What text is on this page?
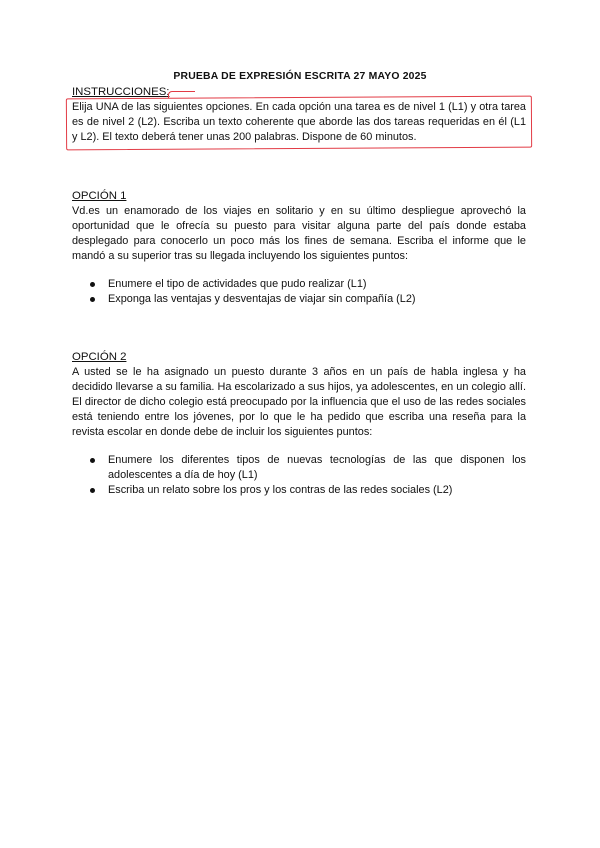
PRUEBA DE EXPRESIÓN ESCRITA 27 MAYO 2025
INSTRUCCIONES:

Elija UNA de las siguientes opciones. En cada opción una tarea es de nivel 1 (L1) y otra tarea es de nivel 2 (L2). Escriba un texto coherente que aborde las dos tareas requeridas en él (L1 y L2). El texto deberá tener unas 200 palabras. Dispone de 60 minutos.

OPCIÓN 1

Vd.es un enamorado de los viajes en solitario y en su último despliegue aprovechó la oportunidad que le ofrecía su puesto para visitar alguna parte del país donde estaba desplegado para conocerlo un poco más los fines de semana. Escriba el informe que le mandó a su superior tras su llegada incluyendo los siguientes puntos:

Enumere el tipo de actividades que pudo realizar (L1)
Exponga las ventajas y desventajas de viajar sin compañía (L2)
OPCIÓN 2

A usted se le ha asignado un puesto durante 3 años en un país de habla inglesa y ha decidido llevarse a su familia. Ha escolarizado a sus hijos, ya adolescentes, en un colegio allí. El director de dicho colegio está preocupado por la influencia que el uso de las redes sociales está teniendo entre los jóvenes, por lo que le ha pedido que escriba una reseña para la revista escolar en donde debe de incluir los siguientes puntos:

Enumere los diferentes tipos de nuevas tecnologías de las que disponen los adolescentes a día de hoy (L1)
Escriba un relato sobre los pros y los contras de las redes sociales (L2)
